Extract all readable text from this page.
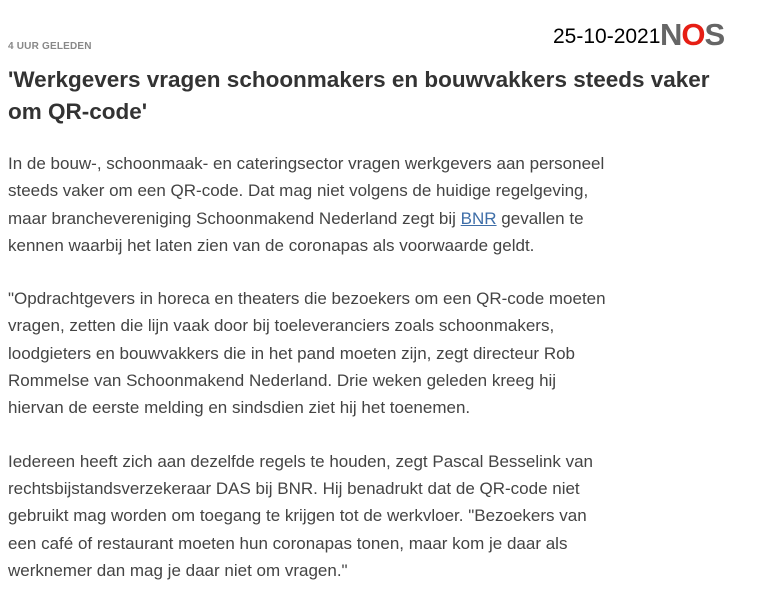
4 UUR GELEDEN	25-10-2021 NOS
'Werkgevers vragen schoonmakers en bouwvakkers steeds vaker
om QR-code'

In de bouw-, schoonmaak- en cateringsector vragen werkgevers aan personeel
steeds vaker om een QR-code. Dat mag niet volgens de huidige regelgeving,
maar branchevereniging Schoonmakend Nederland zegt bij BNR gevallen te
kennen waarbij het laten zien van de coronapas als voorwaarde geldt.

"Opdrachtgevers in horeca en theaters die bezoekers om een QR-code moeten
vragen, zetten die lijn vaak door bij toeleveranciers zoals schoonmakers,
loodgieters en bouwvakkers die in het pand moeten zijn, zegt directeur Rob
Rommelse van Schoonmakend Nederland. Drie weken geleden kreeg hij
hiervan de eerste melding en sindsdien ziet hij het toenemen.

Iedereen heeft zich aan dezelfde regels te houden, zegt Pascal Besselink van
rechtsbijstandsverzekeraar DAS bij BNR. Hij benadrukt dat de QR-code niet
gebruikt mag worden om toegang te krijgen tot de werkvloer. "Bezoekers van
een café of restaurant moeten hun coronapas tonen, maar kom je daar als
werknemer dan mag je daar niet om vragen."
